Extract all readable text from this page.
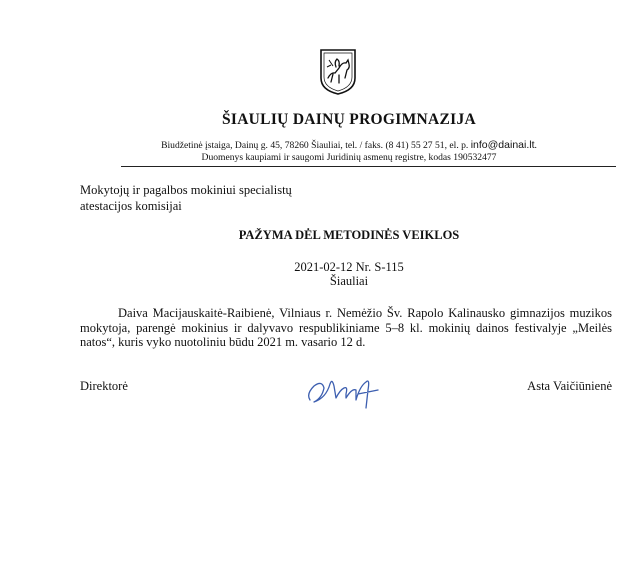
ŠIAULIŲ DAINŲ PROGIMNAZIJA
Biudžetinė įstaiga, Dainų g. 45, 78260 Šiauliai, tel. / faks. (8 41) 55 27 51, el. p. info@dainai.lt.
Duomenys kaupiami ir saugomi Juridinių asmenų registre, kodas 190532477
Mokytojų ir pagalbos mokiniui specialistų
atestacijos komisijai
PAŽYMA DĖL METODINĖS VEIKLOS
2021-02-12 Nr. S-115
Šiauliai
Daiva Macijauskaitė-Raibienė, Vilniaus r. Nemėžio Šv. Rapolo Kalinausko gimnazijos muzikos mokytoja, parengė mokinius ir dalyvavo respublikiniame 5–8 kl. mokinių dainos festivalyje „Meilės natos“, kuris vyko nuotoliniu būdu 2021 m. vasario 12 d.
Direktorė	Asta Vaičiūnienė
